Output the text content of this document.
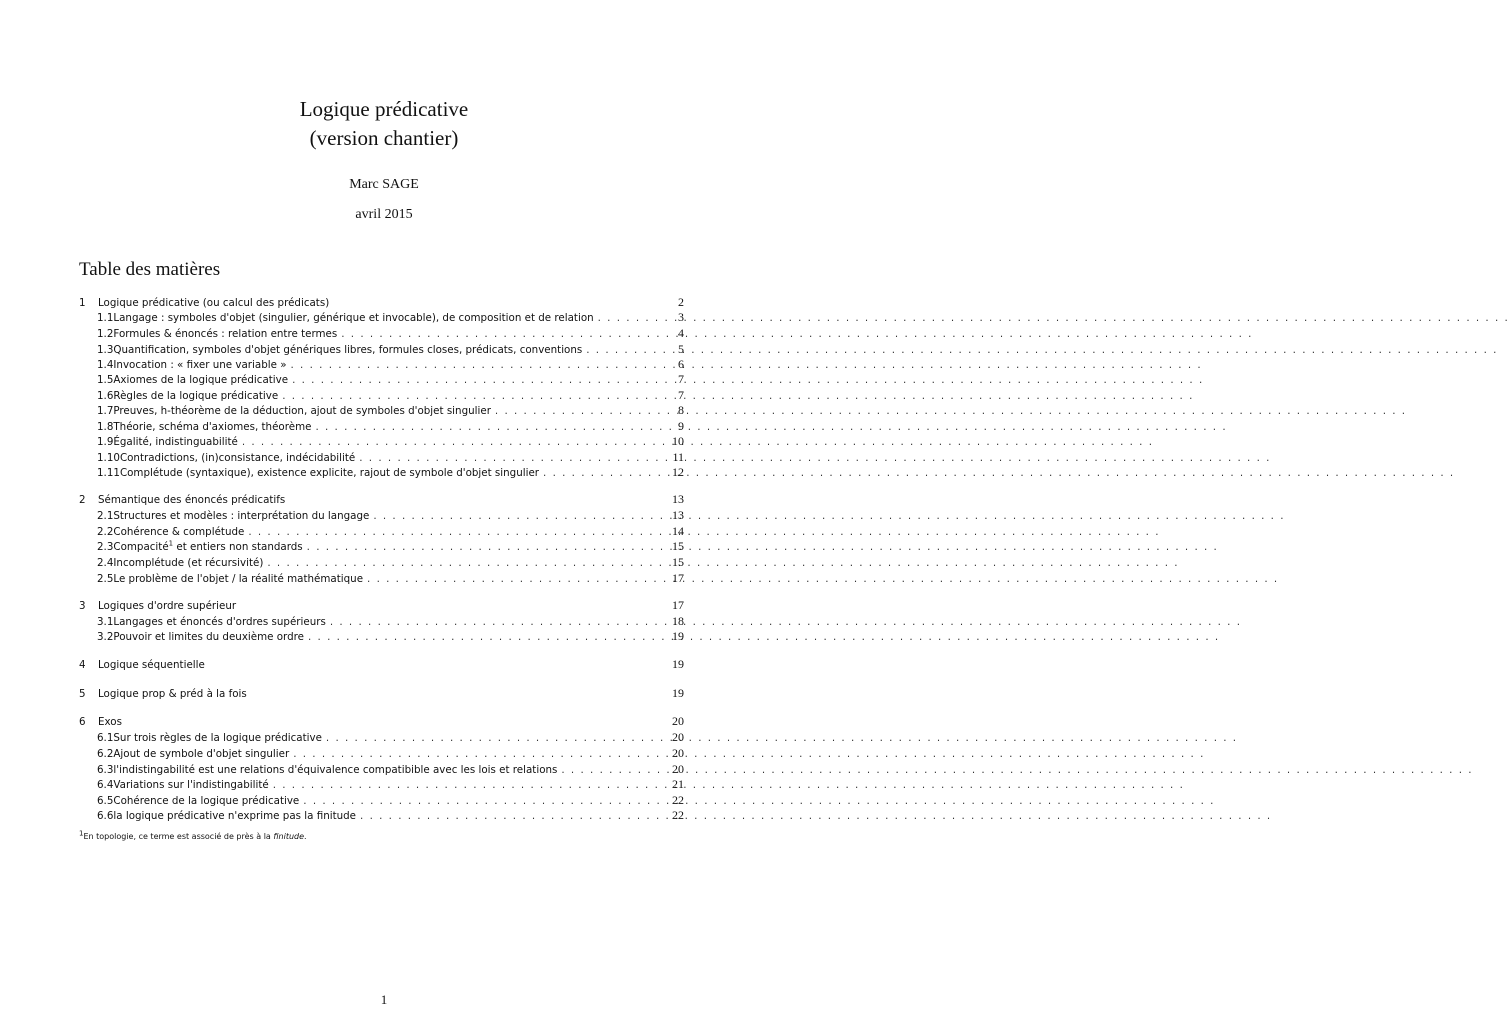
Logique prédicative
(version chantier)
Marc SAGE
avril 2015
Table des matières
1	Logique prédicative (ou calcul des prédicats)	2
1.1 Langage : symboles d'objet (singulier, générique et invocable), de composition et de relation . . .	3
1.2 Formules & énoncés : relation entre termes . . .	4
1.3 Quantification, symboles d'objet génériques libres, formules closes, prédicats, conventions . . .	5
1.4 Invocation : « fixer une variable » . . .	6
1.5 Axiomes de la logique prédicative . . .	7
1.6 Règles de la logique prédicative . . .	7
1.7 Preuves, h-théorème de la déduction, ajout de symboles d'objet singulier . . .	8
1.8 Théorie, schéma d'axiomes, théorème . . .	9
1.9 Égalité, indistinguabilité . . .	10
1.10 Contradictions, (in)consistance, indécidabilité . . .	11
1.11 Complétude (syntaxique), existence explicite, rajout de symbole d'objet singulier . . .	12
2	Sémantique des énoncés prédicatifs	13
2.1 Structures et modèles : interprétation du langage . . .	13
2.2 Cohérence & complétude . . .	14
2.3 Compacité$^1$ et entiers non standards . . .	15
2.4 Incomplétude (et récursivité) . . .	15
2.5 Le problème de l'objet / la réalité mathématique . . .	17
3	Logiques d'ordre supérieur	17
3.1 Langages et énoncés d'ordres supérieurs . . .	18
3.2 Pouvoir et limites du deuxième ordre . . .	19
4	Logique séquentielle	19
5	Logique prop & préd à la fois	19
6	Exos	20
6.1 Sur trois règles de la logique prédicative . . .	20
6.2 Ajout de symbole d'objet singulier . . .	20
6.3 l'indistingabilité est une relations d'équivalence compatibible avec les lois et relations . . .	20
6.4 Variations sur l'indistingabilité . . .	21
6.5 Cohérence de la logique prédicative . . .	22
6.6 la logique prédicative n'exprime pas la finitude . . .	22
1En topologie, ce terme est associé de près à la finitude.
1
